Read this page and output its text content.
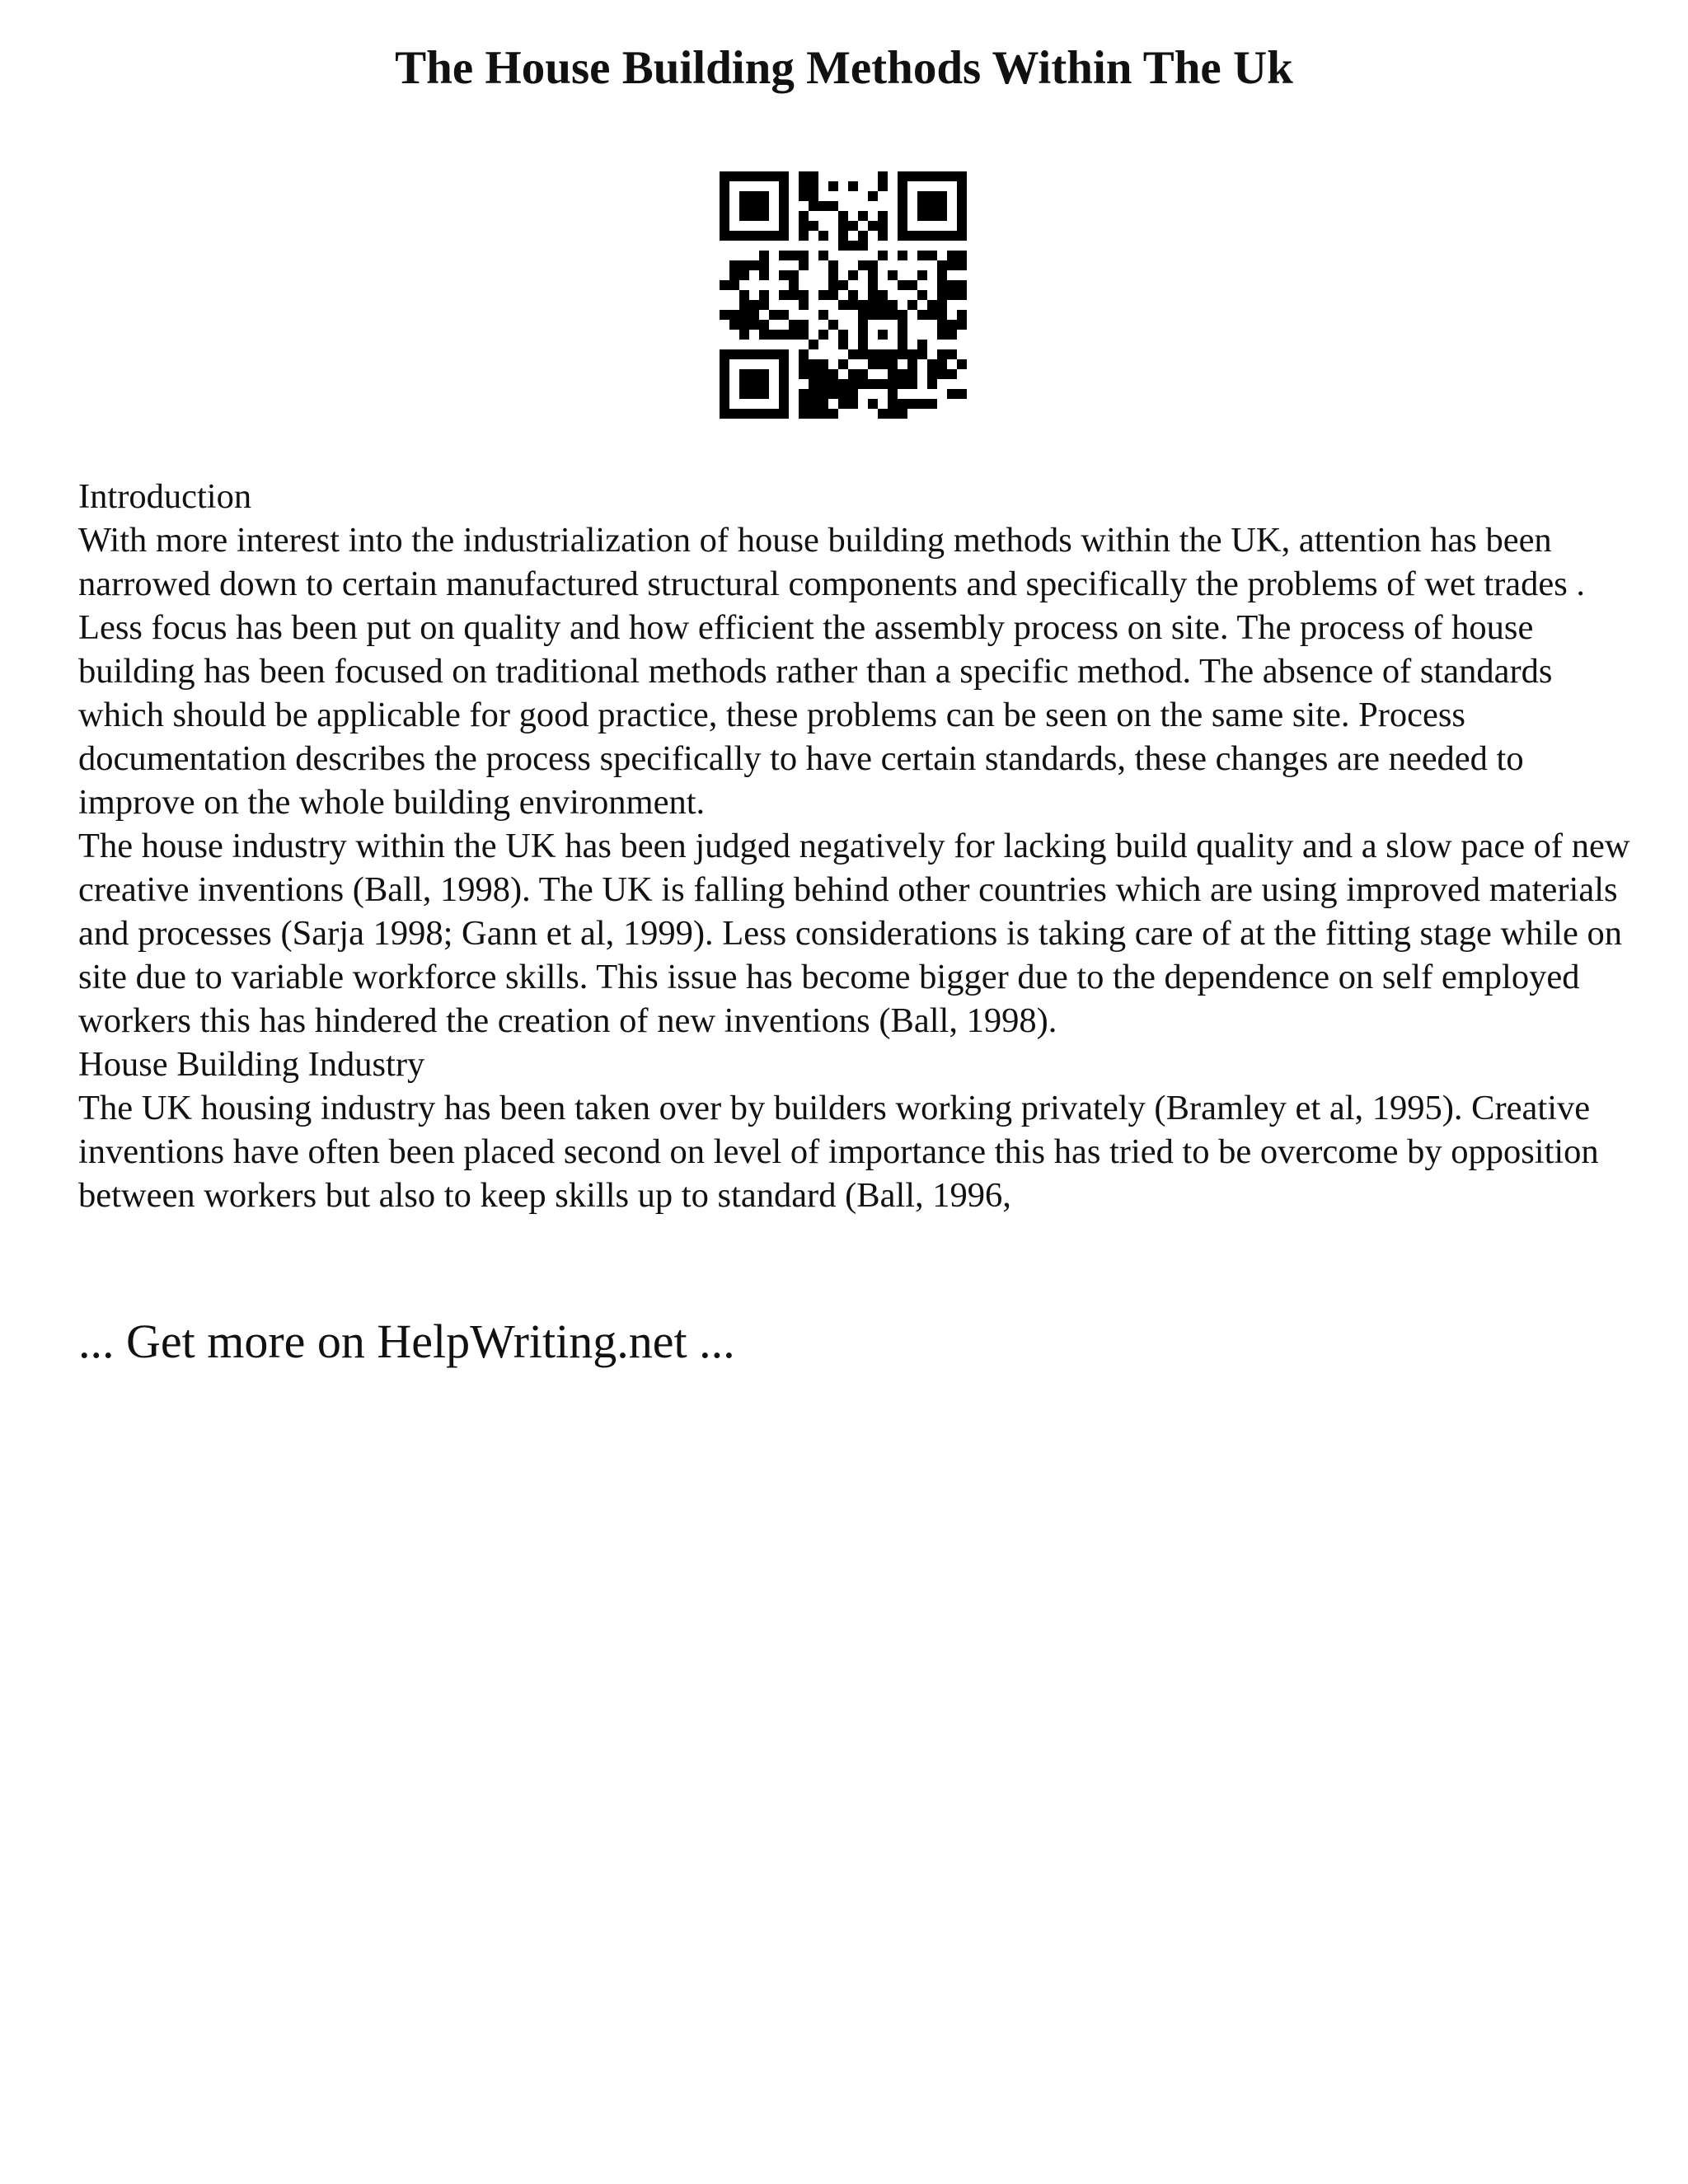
The House Building Methods Within The Uk

Introduction

With more interest into the industrialization of house building methods within the UK, attention has been narrowed down to certain manufactured structural components and specifically the problems of wet trades . Less focus has been put on quality and how efficient the assembly process on site. The process of house building has been focused on traditional methods rather than a specific method. The absence of standards which should be applicable for good practice, these problems can be seen on the same site. Process documentation describes the process specifically to have certain standards, these changes are needed to improve on the whole building environment.

The house industry within the UK has been judged negatively for lacking build quality and a slow pace of new creative inventions (Ball, 1998). The UK is falling behind other countries which are using improved materials and processes (Sarja 1998; Gann et al, 1999). Less considerations is taking care of at the fitting stage while on site due to variable workforce skills. This issue has become bigger due to the dependence on self employed workers this has hindered the creation of new inventions (Ball, 1998).

House Building Industry

The UK housing industry has been taken over by builders working privately (Bramley et al, 1995). Creative inventions have often been placed second on level of importance this has tried to be overcome by opposition between workers but also to keep skills up to standard (Ball, 1996,

... Get more on HelpWriting.net ...
